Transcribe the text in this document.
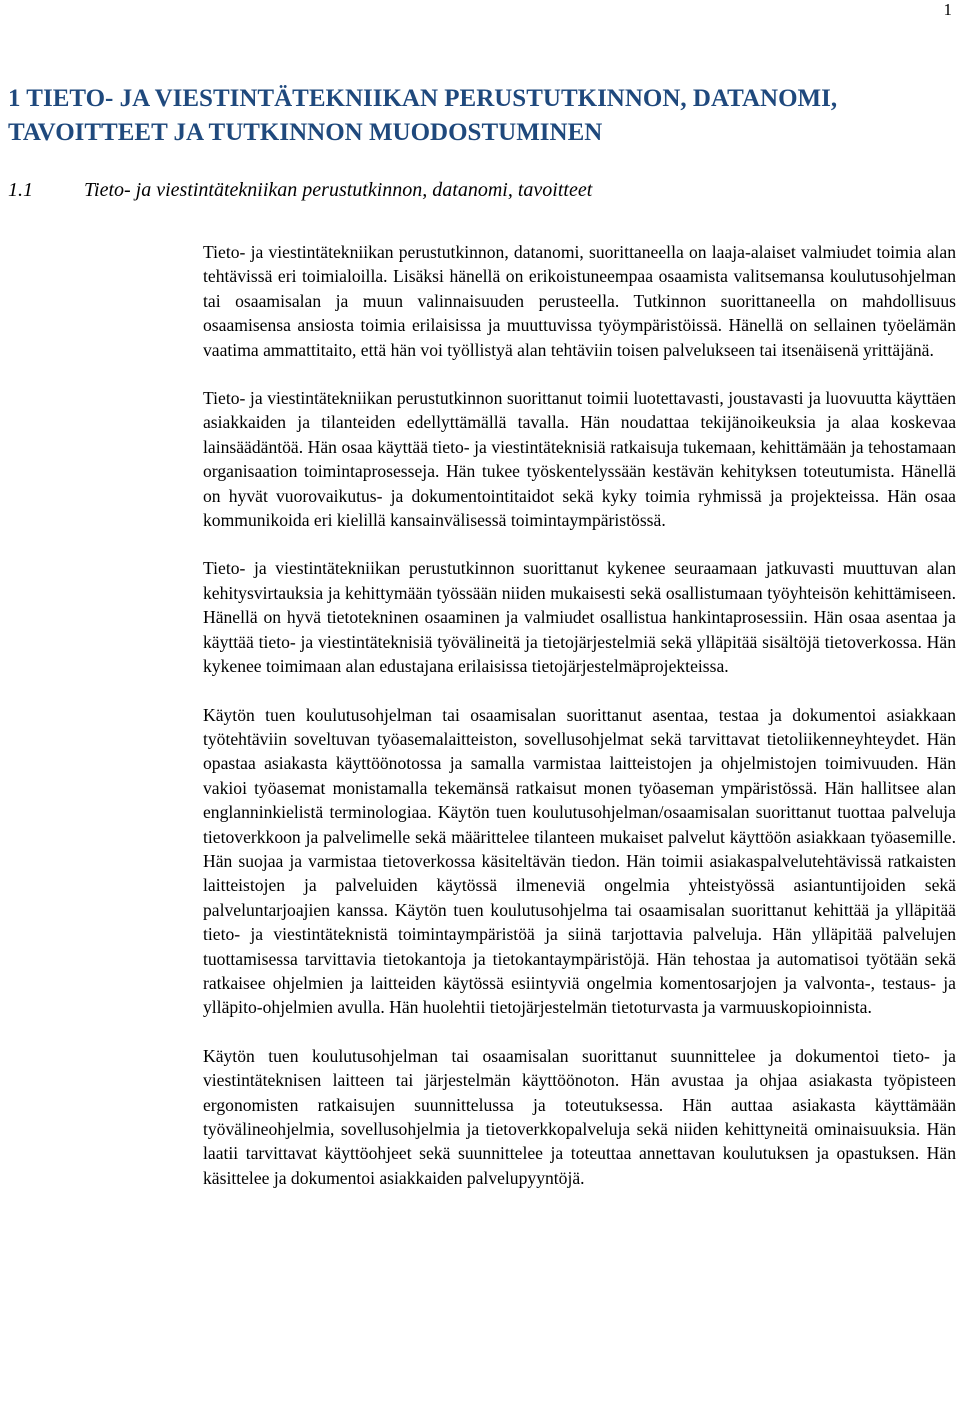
1
1 TIETO- JA VIESTINTÄTEKNIIKAN PERUSTUTKINNON, DATANOMI,
TAVOITTEET JA TUTKINNON MUODOSTUMINEN
1.1	Tieto- ja viestintätekniikan perustutkinnon, datanomi, tavoitteet

Tieto- ja viestintätekniikan perustutkinnon, datanomi, suorittaneella on laaja-alaiset valmiudet toimia alan tehtävissä eri toimialoilla. Lisäksi hänellä on erikoistuneempaa osaamista valitsemansa koulutusohjelman tai osaamisalan ja muun valinnaisuuden perusteella. Tutkinnon suorittaneella on mahdollisuus osaamisensa ansiosta toimia erilaisissa ja muuttuvissa työympäristöissä. Hänellä on sellainen työelämän vaatima ammattitaito, että hän voi työllistyä alan tehtäviin toisen palvelukseen tai itsenäisenä yrittäjänä.

Tieto- ja viestintätekniikan perustutkinnon suorittanut toimii luotettavasti, joustavasti ja luovuutta käyttäen asiakkaiden ja tilanteiden edellyttämällä tavalla. Hän noudattaa tekijänoikeuksia ja alaa koskevaa lainsäädäntöä. Hän osaa käyttää tieto- ja viestintäteknisiä ratkaisuja tukemaan, kehittämään ja tehostamaan organisaation toimintaprosesseja. Hän tukee työskentelyssään kestävän kehityksen toteutumista. Hänellä on hyvät vuorovaikutus- ja dokumentointitaidot sekä kyky toimia ryhmissä ja projekteissa. Hän osaa kommunikoida eri kielillä kansainvälisessä toimintaympäristössä.

Tieto- ja viestintätekniikan perustutkinnon suorittanut kykenee seuraamaan jatkuvasti muuttuvan alan kehitysvirtauksia ja kehittymään työssään niiden mukaisesti sekä osallistumaan työyhteisön kehittämiseen. Hänellä on hyvä tietotekninen osaaminen ja valmiudet osallistua hankintaprosessiin. Hän osaa asentaa ja käyttää tieto- ja viestintäteknisiä työvälineitä ja tietojärjestelmiä sekä ylläpitää sisältöjä tietoverkossa. Hän kykenee toimimaan alan edustajana erilaisissa tietojärjestelmäprojekteissa.

Käytön tuen koulutusohjelman tai osaamisalan suorittanut asentaa, testaa ja dokumentoi asiakkaan työtehtäviin soveltuvan työasemalaitteiston, sovellusohjelmat sekä tarvittavat tietoliikenneyhteydet. Hän opastaa asiakasta käyttöönotossa ja samalla varmistaa laitteistojen ja ohjelmistojen toimivuuden. Hän vakioi työasemat monistamalla tekemänsä ratkaisut monen työaseman ympäristössä. Hän hallitsee alan englanninkielistä terminologiaa. Käytön tuen koulutusohjelman/osaamisalan suorittanut tuottaa palveluja tietoverkkoon ja palvelimelle sekä määrittelee tilanteen mukaiset palvelut käyttöön asiakkaan työasemille. Hän suojaa ja varmistaa tietoverkossa käsiteltävän tiedon. Hän toimii asiakaspalvelutehtävissä ratkaisten laitteistojen ja palveluiden käytössä ilmeneviä ongelmia yhteistyössä asiantuntijoiden sekä palveluntarjoajien kanssa. Käytön tuen koulutusohjelma tai osaamisalan suorittanut kehittää ja ylläpitää tieto- ja viestintäteknistä toimintaympäristöä ja siinä tarjottavia palveluja. Hän ylläpitää palvelujen tuottamisessa tarvittavia tietokantoja ja tietokantaympäristöjä. Hän tehostaa ja automatisoi työtään sekä ratkaisee ohjelmien ja laitteiden käytössä esiintyviä ongelmia komentosarjojen ja valvonta-, testaus- ja ylläpito-ohjelmien avulla. Hän huolehtii tietojärjestelmän tietoturvasta ja varmuuskopioinnista.

Käytön tuen koulutusohjelman tai osaamisalan suorittanut suunnittelee ja dokumentoi tieto- ja viestintäteknisen laitteen tai järjestelmän käyttöönoton. Hän avustaa ja ohjaa asiakasta työpisteen ergonomisten ratkaisujen suunnittelussa ja toteutuksessa. Hän auttaa asiakasta käyttämään työvälineohjelmia, sovellusohjelmia ja tietoverkkopalveluja sekä niiden kehittyneitä ominaisuuksia. Hän laatii tarvittavat käyttöohjeet sekä suunnittelee ja toteuttaa annettavan koulutuksen ja opastuksen. Hän käsittelee ja dokumentoi asiakkaiden palvelupyyntöjä.
